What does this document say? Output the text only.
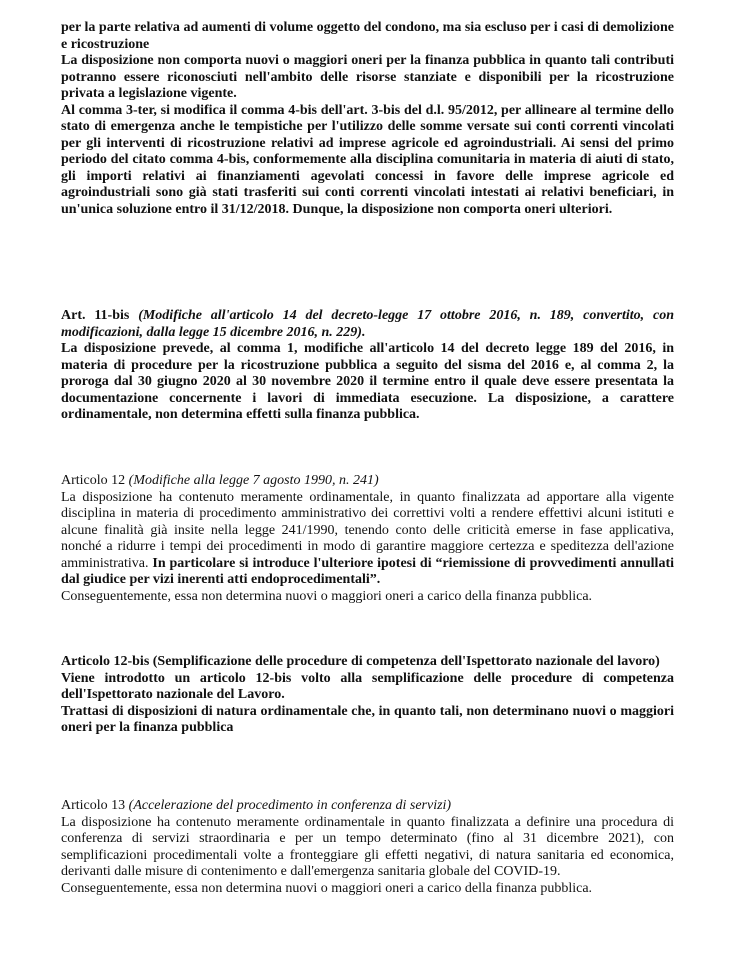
per la parte relativa ad aumenti di volume oggetto del condono, ma sia escluso per i casi di demolizione e ricostruzione

La disposizione non comporta nuovi o maggiori oneri per la finanza pubblica in quanto tali contributi potranno essere riconosciuti nell'ambito delle risorse stanziate e disponibili per la ricostruzione privata a legislazione vigente.

Al comma 3-ter, si modifica il comma 4-bis dell'art. 3-bis del d.l. 95/2012, per allineare al termine dello stato di emergenza anche le tempistiche per l'utilizzo delle somme versate sui conti correnti vincolati per gli interventi di ricostruzione relativi ad imprese agricole ed agroindustriali. Ai sensi del primo periodo del citato comma 4-bis, conformemente alla disciplina comunitaria in materia di aiuti di stato, gli importi relativi ai finanziamenti agevolati concessi in favore delle imprese agricole ed agroindustriali sono già stati trasferiti sui conti correnti vincolati intestati ai relativi beneficiari, in un'unica soluzione entro il 31/12/2018. Dunque, la disposizione non comporta oneri ulteriori.

Art. 11-bis (Modifiche all'articolo 14 del decreto-legge 17 ottobre 2016, n. 189, convertito, con modificazioni, dalla legge 15 dicembre 2016, n. 229).

La disposizione prevede, al comma 1, modifiche all'articolo 14 del decreto legge 189 del 2016, in materia di procedure per la ricostruzione pubblica a seguito del sisma del 2016 e, al comma 2, la proroga dal 30 giugno 2020 al 30 novembre 2020 il termine entro il quale deve essere presentata la documentazione concernente i lavori di immediata esecuzione. La disposizione, a carattere ordinamentale, non determina effetti sulla finanza pubblica.

Articolo 12 (Modifiche alla legge 7 agosto 1990, n. 241)

La disposizione ha contenuto meramente ordinamentale, in quanto finalizzata ad apportare alla vigente disciplina in materia di procedimento amministrativo dei correttivi volti a rendere effettivi alcuni istituti e alcune finalità già insite nella legge 241/1990, tenendo conto delle criticità emerse in fase applicativa, nonché a ridurre i tempi dei procedimenti in modo di garantire maggiore certezza e speditezza dell'azione amministrativa. In particolare si introduce l'ulteriore ipotesi di “riemissione di provvedimenti annullati dal giudice per vizi inerenti atti endoprocedimentali”.

Conseguentemente, essa non determina nuovi o maggiori oneri a carico della finanza pubblica.

Articolo 12-bis (Semplificazione delle procedure di competenza dell'Ispettorato nazionale del lavoro)

Viene introdotto un articolo 12-bis volto alla semplificazione delle procedure di competenza dell'Ispettorato nazionale del Lavoro.

Trattasi di disposizioni di natura ordinamentale che, in quanto tali, non determinano nuovi o maggiori oneri per la finanza pubblica

Articolo 13 (Accelerazione del procedimento in conferenza di servizi)

La disposizione ha contenuto meramente ordinamentale in quanto finalizzata a definire una procedura di conferenza di servizi straordinaria e per un tempo determinato (fino al 31 dicembre 2021), con semplificazioni procedimentali volte a fronteggiare gli effetti negativi, di natura sanitaria ed economica, derivanti dalle misure di contenimento e dall'emergenza sanitaria globale del COVID-19.

Conseguentemente, essa non determina nuovi o maggiori oneri a carico della finanza pubblica.
